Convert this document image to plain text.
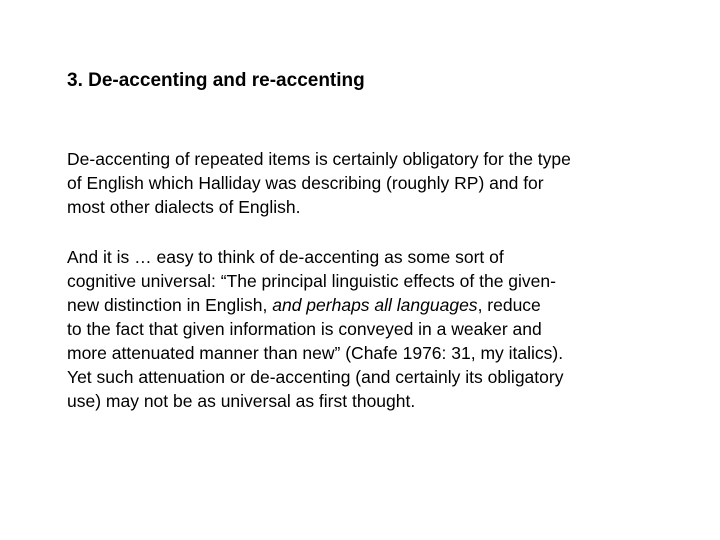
3. De-accenting and re-accenting
De-accenting of repeated items is certainly obligatory for the type
of English which Halliday was describing (roughly RP) and for
most other dialects of English.
And it is … easy to think of de-accenting as some sort of
cognitive universal: “The principal linguistic effects of the given-
new distinction in English, and perhaps all languages, reduce
to the fact that given information is conveyed in a weaker and
more attenuated manner than new” (Chafe 1976: 31, my italics).
Yet such attenuation or de-accenting (and certainly its obligatory
use) may not be as universal as first thought.
